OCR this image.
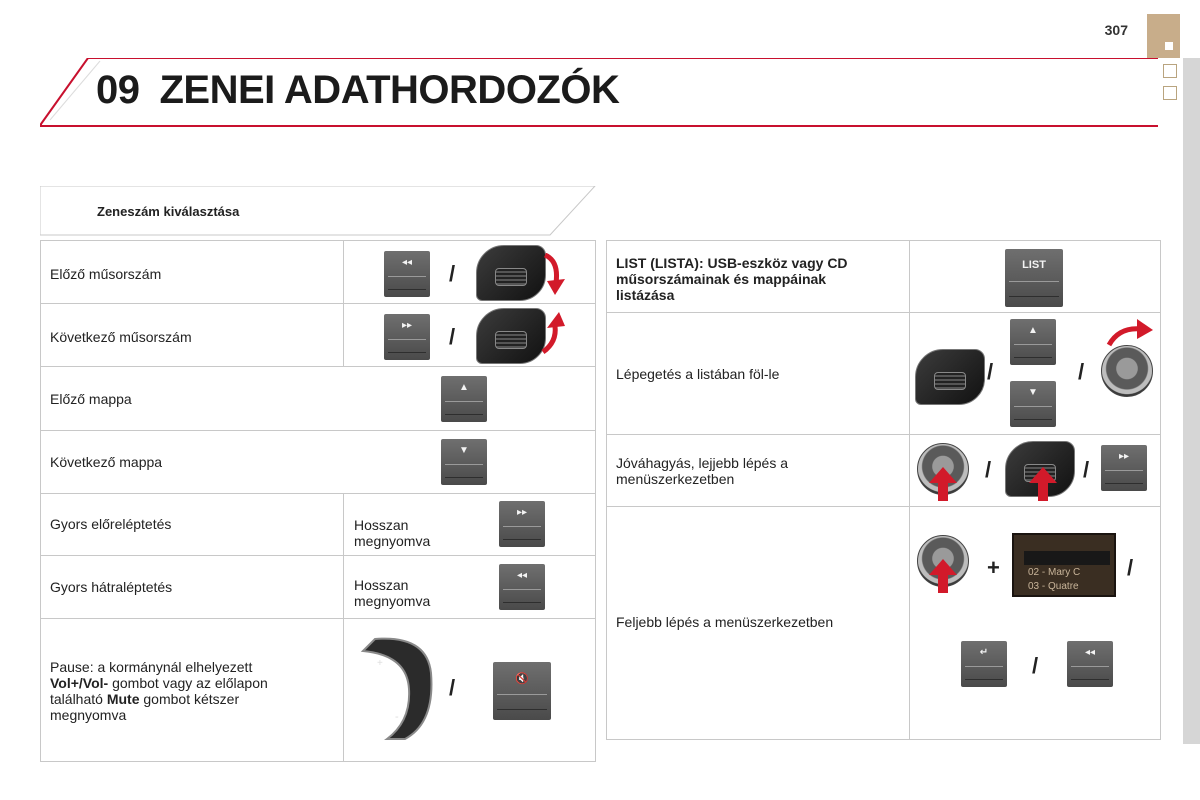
307
09 ZENEI ADATHORDOZÓK
Zeneszám kiválasztása
Előző műsorszám
◂◂	/
Következő műsorszám
▸▸	/
Előző mappa
▲
Következő mappa
▼
Gyors előreléptetés	Hosszan
megnyomva
▸▸
Gyors hátraléptetés	Hosszan
megnyomva
◂◂
Pause: a kormánynál elhelyezett
Vol+/Vol- gombot vagy az előlapon
található Mute gombot kétszer
megnyomva
+
-
/	🔇
LIST (LISTA): USB-eszköz vagy CD
műsorszámainak és mappáinak
listázása
LIST
Lépegetés a listában föl-le	/
▲
▼
/
Jóváhagyás, lejjebb lépés a
menüszerkezetben	/	/
▸▸
Feljebb lépés a menüszerkezetben
+	02 - Mary C
03 - Quatre
/
↵
/
◂◂
